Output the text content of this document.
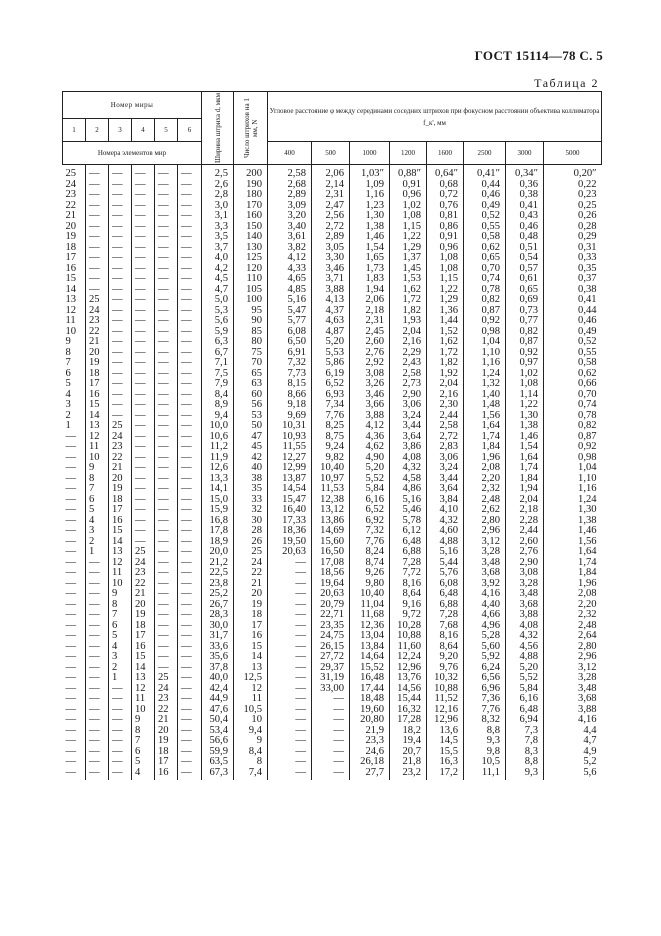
ГОСТ 15114—78 С. 5
Таблица 2
Номер миры						Ширина штриха d, мкм	Число штрихов на 1 мм, N	Угловое расстояние φ между серединами соседних штрихов при фокусном расстоянии объектива коллиматора f_к', мм							
1	2	3	4	5	6										
Номера элементов мир								400	500	1000	1200	1600	2500	3000	5000
25	—	—	—	—	—	2,5	200	2,58	2,06	1,03″	0,88″	0,64″	0,41″	0,34″	0,20″
24	—	—	—	—	—	2,6	190	2,68	2,14	1,09	0,91	0,68	0,44	0,36	0,22
23	—	—	—	—	—	2,8	180	2,89	2,31	1,16	0,96	0,72	0,46	0,38	0,23
22	—	—	—	—	—	3,0	170	3,09	2,47	1,23	1,02	0,76	0,49	0,41	0,25
21	—	—	—	—	—	3,1	160	3,20	2,56	1,30	1,08	0,81	0,52	0,43	0,26
20	—	—	—	—	—	3,3	150	3,40	2,72	1,38	1,15	0,86	0,55	0,46	0,28
19	—	—	—	—	—	3,5	140	3,61	2,89	1,46	1,22	0,91	0,58	0,48	0,29
18	—	—	—	—	—	3,7	130	3,82	3,05	1,54	1,29	0,96	0,62	0,51	0,31
17	—	—	—	—	—	4,0	125	4,12	3,30	1,65	1,37	1,08	0,65	0,54	0,33
16	—	—	—	—	—	4,2	120	4,33	3,46	1,73	1,45	1,08	0,70	0,57	0,35
15	—	—	—	—	—	4,5	110	4,65	3,71	1,83	1,53	1,15	0,74	0,61	0,37
14	—	—	—	—	—	4,7	105	4,85	3,88	1,94	1,62	1,22	0,78	0,65	0,38
13	25	—	—	—	—	5,0	100	5,16	4,13	2,06	1,72	1,29	0,82	0,69	0,41
12	24	—	—	—	—	5,3	95	5,47	4,37	2,18	1,82	1,36	0,87	0,73	0,44
11	23	—	—	—	—	5,6	90	5,77	4,63	2,31	1,93	1,44	0,92	0,77	0,46
10	22	—	—	—	—	5,9	85	6,08	4,87	2,45	2,04	1,52	0,98	0,82	0,49
9	21	—	—	—	—	6,3	80	6,50	5,20	2,60	2,16	1,62	1,04	0,87	0,52
8	20	—	—	—	—	6,7	75	6,91	5,53	2,76	2,29	1,72	1,10	0,92	0,55
7	19	—	—	—	—	7,1	70	7,32	5,86	2,92	2,43	1,82	1,16	0,97	0,58
6	18	—	—	—	—	7,5	65	7,73	6,19	3,08	2,58	1,92	1,24	1,02	0,62
5	17	—	—	—	—	7,9	63	8,15	6,52	3,26	2,73	2,04	1,32	1,08	0,66
4	16	—	—	—	—	8,4	60	8,66	6,93	3,46	2,90	2,16	1,40	1,14	0,70
3	15	—	—	—	—	8,9	56	9,18	7,34	3,66	3,06	2,30	1,48	1,22	0,74
2	14	—	—	—	—	9,4	53	9,69	7,76	3,88	3,24	2,44	1,56	1,30	0,78
1	13	25	—	—	—	10,0	50	10,31	8,25	4,12	3,44	2,58	1,64	1,38	0,82
—	12	24	—	—	—	10,6	47	10,93	8,75	4,36	3,64	2,72	1,74	1,46	0,87
—	11	23	—	—	—	11,2	45	11,55	9,24	4,62	3,86	2,83	1,84	1,54	0,92
—	10	22	—	—	—	11,9	42	12,27	9,82	4,90	4,08	3,06	1,96	1,64	0,98
—	9	21	—	—	—	12,6	40	12,99	10,40	5,20	4,32	3,24	2,08	1,74	1,04
—	8	20	—	—	—	13,3	38	13,87	10,97	5,52	4,58	3,44	2,20	1,84	1,10
—	7	19	—	—	—	14,1	35	14,54	11,53	5,84	4,86	3,64	2,32	1,94	1,16
—	6	18	—	—	—	15,0	33	15,47	12,38	6,16	5,16	3,84	2,48	2,04	1,24
—	5	17	—	—	—	15,9	32	16,40	13,12	6,52	5,46	4,10	2,62	2,18	1,30
—	4	16	—	—	—	16,8	30	17,33	13,86	6,92	5,78	4,32	2,80	2,28	1,38
—	3	15	—	—	—	17,8	28	18,36	14,69	7,32	6,12	4,60	2,96	2,44	1,46
—	2	14	—	—	—	18,9	26	19,50	15,60	7,76	6,48	4,88	3,12	2,60	1,56
—	1	13	25	—	—	20,0	25	20,63	16,50	8,24	6,88	5,16	3,28	2,76	1,64
—	—	12	24	—	—	21,2	24	—	17,08	8,74	7,28	5,44	3,48	2,90	1,74
—	—	11	23	—	—	22,5	22	—	18,56	9,26	7,72	5,76	3,68	3,08	1,84
—	—	10	22	—	—	23,8	21	—	19,64	9,80	8,16	6,08	3,92	3,28	1,96
—	—	9	21	—	—	25,2	20	—	20,63	10,40	8,64	6,48	4,16	3,48	2,08
—	—	8	20	—	—	26,7	19	—	20,79	11,04	9,16	6,88	4,40	3,68	2,20
—	—	7	19	—	—	28,3	18	—	22,71	11,68	9,72	7,28	4,66	3,88	2,32
—	—	6	18	—	—	30,0	17	—	23,35	12,36	10,28	7,68	4,96	4,08	2,48
—	—	5	17	—	—	31,7	16	—	24,75	13,04	10,88	8,16	5,28	4,32	2,64
—	—	4	16	—	—	33,6	15	—	26,15	13,84	11,60	8,64	5,60	4,56	2,80
—	—	3	15	—	—	35,6	14	—	27,72	14,64	12,24	9,20	5,92	4,88	2,96
—	—	2	14	—	—	37,8	13	—	29,37	15,52	12,96	9,76	6,24	5,20	3,12
—	—	1	13	25	—	40,0	12,5	—	31,19	16,48	13,76	10,32	6,56	5,52	3,28
—	—	—	12	24	—	42,4	12	—	33,00	17,44	14,56	10,88	6,96	5,84	3,48
—	—	—	11	23	—	44,9	11	—	—	18,48	15,44	11,52	7,36	6,16	3,68
—	—	—	10	22	—	47,6	10,5	—	—	19,60	16,32	12,16	7,76	6,48	3,88
—	—	—	9	21	—	50,4	10	—	—	20,80	17,28	12,96	8,32	6,94	4,16
—	—	—	8	20	—	53,4	9,4	—	—	21,9	18,2	13,6	8,8	7,3	4,4
—	—	—	7	19	—	56,6	9	—	—	23,3	19,4	14,5	9,3	7,8	4,7
—	—	—	6	18	—	59,9	8,4	—	—	24,6	20,7	15,5	9,8	8,3	4,9
—	—	—	5	17	—	63,5	8	—	—	26,18	21,8	16,3	10,5	8,8	5,2
—	—	—	4	16	—	67,3	7,4	—	—	27,7	23,2	17,2	11,1	9,3	5,6
